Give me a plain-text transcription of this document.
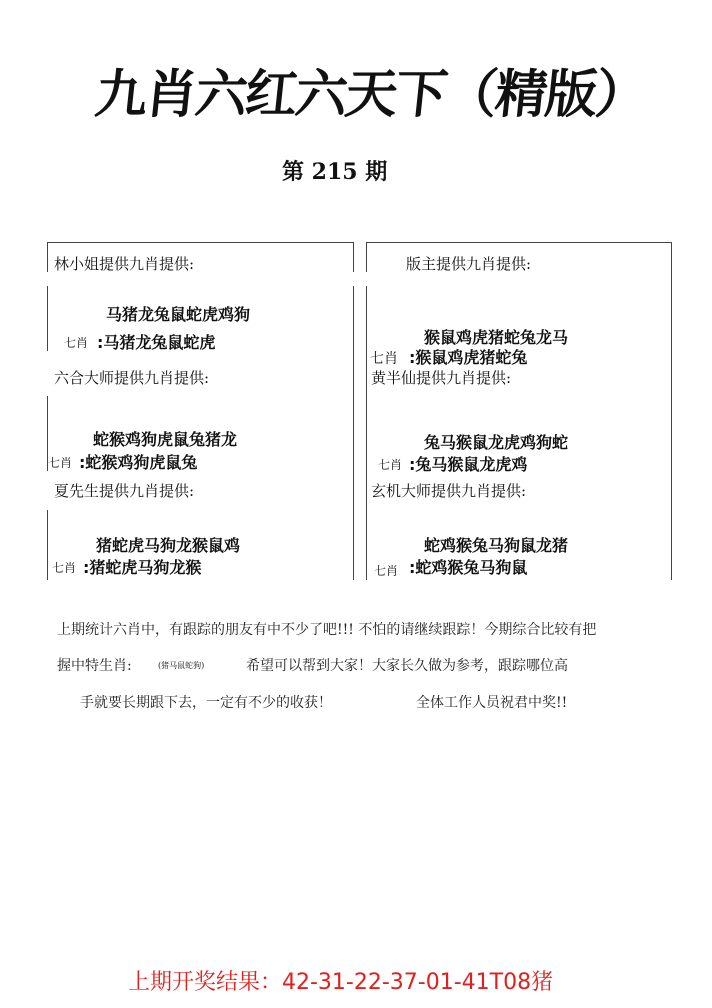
九肖六红六天下（精版）
第 215 期
林小姐提供九肖提供:
马猪龙兔鼠蛇虎鸡狗
七肖 :马猪龙兔鼠蛇虎
版主提供九肖提供:
猴鼠鸡虎猪蛇兔龙马
七肖 :猴鼠鸡虎猪蛇兔
六合大师提供九肖提供:
蛇猴鸡狗虎鼠兔猪龙
七肖 :蛇猴鸡狗虎鼠兔
黄半仙提供九肖提供:
兔马猴鼠龙虎鸡狗蛇
七肖 :兔马猴鼠龙虎鸡
夏先生提供九肖提供:
猪蛇虎马狗龙猴鼠鸡
七肖 :猪蛇虎马狗龙猴
玄机大师提供九肖提供:
蛇鸡猴兔马狗鼠龙猪
七肖 :蛇鸡猴兔马狗鼠
上期统计六肖中，有跟踪的朋友有中不少了吧!!! 不怕的请继续跟踪！今期综合比较有把
握中特生肖:	(猪马鼠蛇狗)	希望可以帮到大家！大家长久做为参考，跟踪哪位高
手就要长期跟下去，一定有不少的收获！	全体工作人员祝君中奖!!
上期开奖结果：42-31-22-37-01-41T08猪
